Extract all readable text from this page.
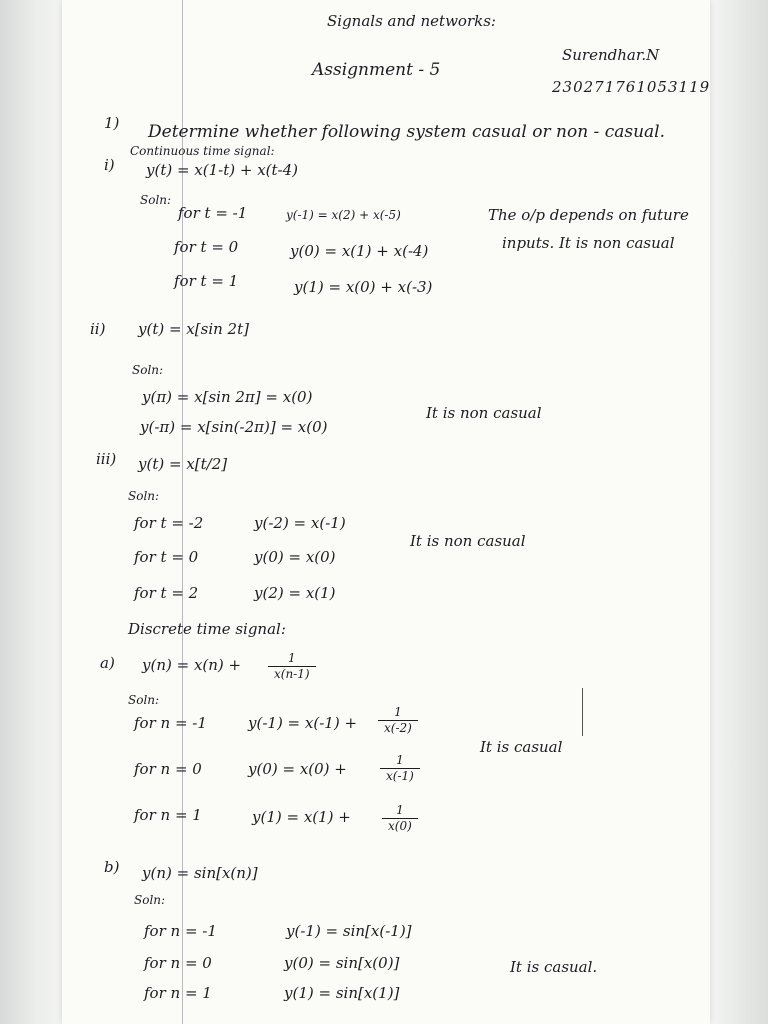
Signals and networks:
Assignment - 5
Surendhar.N
230271761053119
1) Determine whether following system casual or non - casual.
Continuous time signal:
i) y(t) = x(1-t) + x(t-4)
Soln:
for t = -1	y(-1) = x(2) + x(-5)
for t = 0	y(0) = x(1) + x(-4)
for t = 1	y(1) = x(0) + x(-3)
The o/p depends on future
inputs. It is non casual
ii) y(t) = x[sin 2t]
Soln:
y(π) = x[sin 2π] = x(0)
y(-π) = x[sin(-2π)] = x(0)
It is non casual
iii) y(t) = x[t/2]
Soln:
for t = -2	y(-2) = x(-1)
for t = 0	y(0) = x(0)
for t = 2	y(2) = x(1)
It is non casual
Discrete time signal:
a) y(n) = x(n) +	1
x(n-1)
Soln:
for n = -1	y(-1) = x(-1) +
1
x(-2)
for n = 0	y(0) = x(0) +	1
x(-1)
for n = 1	y(1) = x(1) +	1
x(0)
It is casual
b) y(n) = sin[x(n)]
Soln:
for n = -1	y(-1) = sin[x(-1)]
for n = 0	y(0) = sin[x(0)]
for n = 1	y(1) = sin[x(1)]
It is casual.
